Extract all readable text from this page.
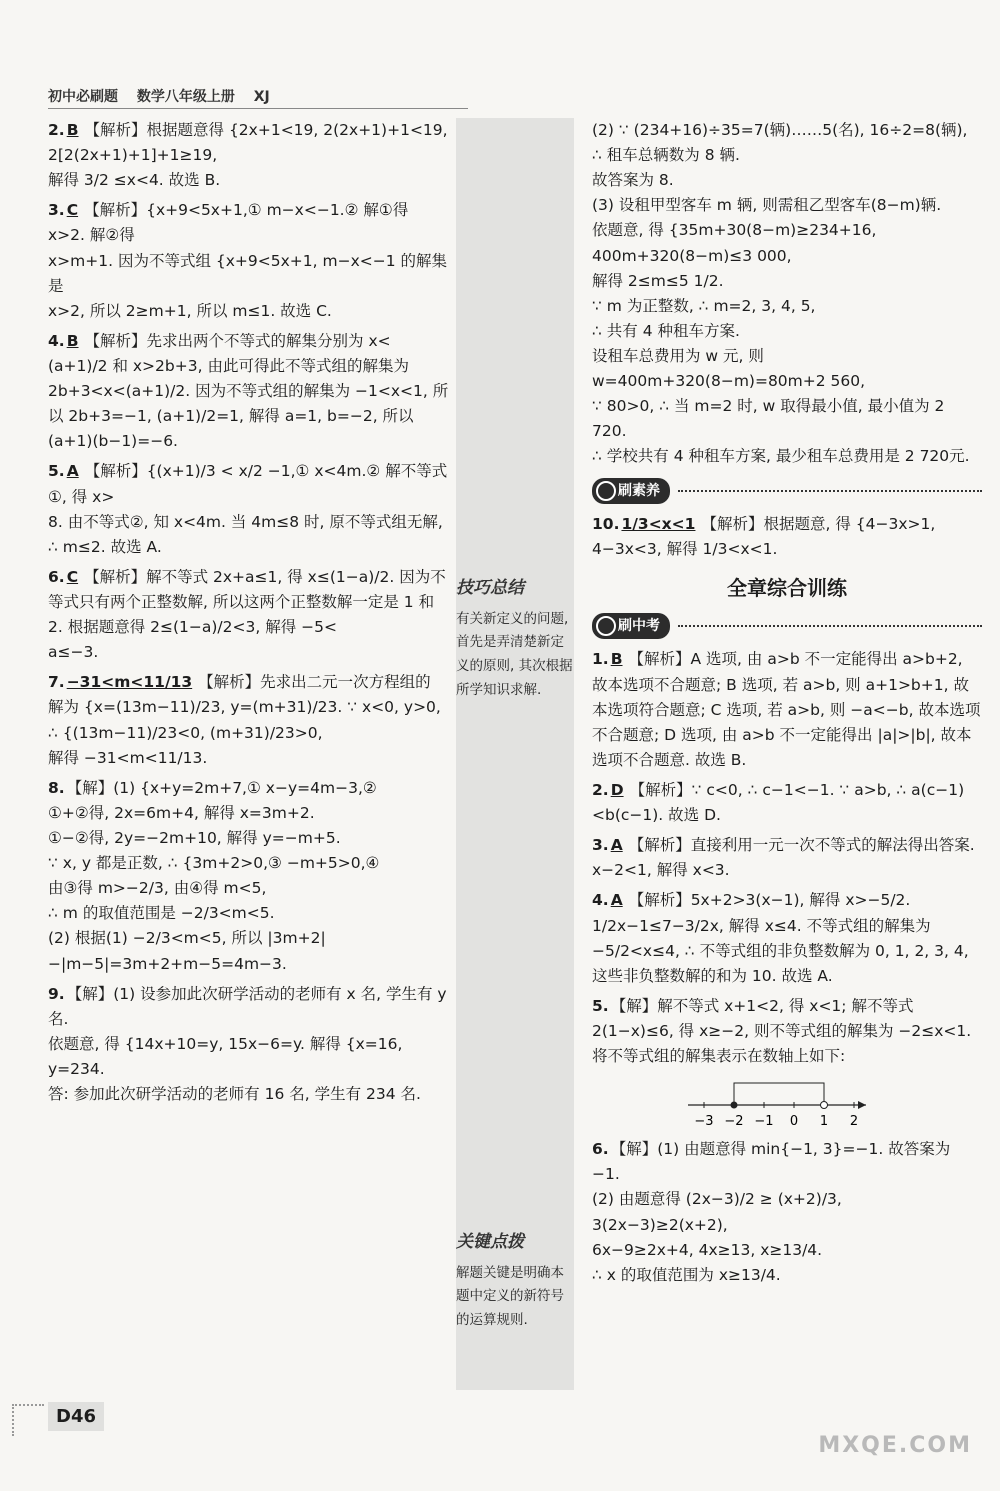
初中必刷题 数学八年级上册 XJ

2. B 【解析】根据题意得 {2x+1<19, 2(2x+1)+1<19, 2[2(2x+1)+1]+1≥19,

解得 3/2 ≤x<4. 故选 B.

3. C 【解析】{x+9<5x+1,① m−x<−1.② 解①得 x>2. 解②得

x>m+1. 因为不等式组 {x+9<5x+1, m−x<−1 的解集是

x>2, 所以 2≥m+1, 所以 m≤1. 故选 C.

4. B 【解析】先求出两个不等式的解集分别为 x< (a+1)/2 和 x>2b+3, 由此可得此不等式组的解集为

2b+3<x<(a+1)/2. 因为不等式组的解集为 −1<x<1, 所以 2b+3=−1, (a+1)/2=1, 解得 a=1, b=−2, 所以(a+1)(b−1)=−6.

5. A 【解析】{(x+1)/3 < x/2 −1,① x<4m.② 解不等式①, 得 x>

8. 由不等式②, 知 x<4m. 当 4m≤8 时, 原不等式组无解, ∴ m≤2. 故选 A.

6. C 【解析】解不等式 2x+a≤1, 得 x≤(1−a)/2. 因为不等式只有两个正整数解, 所以这两个正整数解一定是 1 和 2. 根据题意得 2≤(1−a)/2<3, 解得 −5<

a≤−3.

7. −31<m<11/13 【解析】先求出二元一次方程组的

解为 {x=(13m−11)/23, y=(m+31)/23. ∵ x<0, y>0, ∴ {(13m−11)/23<0, (m+31)/23>0,

解得 −31<m<11/13.

8. 【解】(1) {x+y=2m+7,① x−y=4m−3,②

①+②得, 2x=6m+4, 解得 x=3m+2.

①−②得, 2y=−2m+10, 解得 y=−m+5.

∵ x, y 都是正数, ∴ {3m+2>0,③ −m+5>0,④

由③得 m>−2/3, 由④得 m<5,

∴ m 的取值范围是 −2/3<m<5.

(2) 根据(1) −2/3<m<5, 所以 |3m+2|−|m−5|=3m+2+m−5=4m−3.

9. 【解】(1) 设参加此次研学活动的老师有 x 名, 学生有 y 名.

依题意, 得 {14x+10=y, 15x−6=y. 解得 {x=16, y=234.

答: 参加此次研学活动的老师有 16 名, 学生有 234 名.

技巧总结
有关新定义的问题, 首先是弄清楚新定义的原则, 其次根据所学知识求解.
关键点拨
解题关键是明确本题中定义的新符号的运算规则.

(2) ∵ (234+16)÷35=7(辆)……5(名), 16÷2=8(辆),

∴ 租车总辆数为 8 辆.

故答案为 8.

(3) 设租甲型客车 m 辆, 则需租乙型客车(8−m)辆.

依题意, 得 {35m+30(8−m)≥234+16, 400m+320(8−m)≤3 000,

解得 2≤m≤5 1/2.

∵ m 为正整数, ∴ m=2, 3, 4, 5,

∴ 共有 4 种租车方案.

设租车总费用为 w 元, 则 w=400m+320(8−m)=80m+2 560,

∵ 80>0, ∴ 当 m=2 时, w 取得最小值, 最小值为 2 720.

∴ 学校共有 4 种租车方案, 最少租车总费用是 2 720元.

刷素养

10. 1/3<x<1 【解析】根据题意, 得 {4−3x>1, 4−3x<3, 解得 1/3<x<1.

全章综合训练
刷中考

1. B 【解析】A 选项, 由 a>b 不一定能得出 a>b+2, 故本选项不合题意; B 选项, 若 a>b, 则 a+1>b+1, 故本选项符合题意; C 选项, 若 a>b, 则 −a<−b, 故本选项不合题意; D 选项, 由 a>b 不一定能得出 |a|>|b|, 故本选项不合题意. 故选 B.

2. D 【解析】∵ c<0, ∴ c−1<−1. ∵ a>b, ∴ a(c−1)<b(c−1). 故选 D.

3. A 【解析】直接利用一元一次不等式的解法得出答案. x−2<1, 解得 x<3.

4. A 【解析】5x+2>3(x−1), 解得 x>−5/2. 1/2x−1≤7−3/2x, 解得 x≤4. 不等式组的解集为 −5/2<x≤4, ∴ 不等式组的非负整数解为 0, 1, 2, 3, 4, 这些非负整数解的和为 10. 故选 A.

5. 【解】解不等式 x+1<2, 得 x<1; 解不等式 2(1−x)≤6, 得 x≥−2, 则不等式组的解集为 −2≤x<1. 将不等式组的解集表示在数轴上如下:

−3 −2 −1 0 1 2

6. 【解】(1) 由题意得 min{−1, 3}=−1. 故答案为 −1.

(2) 由题意得 (2x−3)/2 ≥ (x+2)/3, 3(2x−3)≥2(x+2),

6x−9≥2x+4, 4x≥13, x≥13/4.

∴ x 的取值范围为 x≥13/4.

D46
MXQE.COM
